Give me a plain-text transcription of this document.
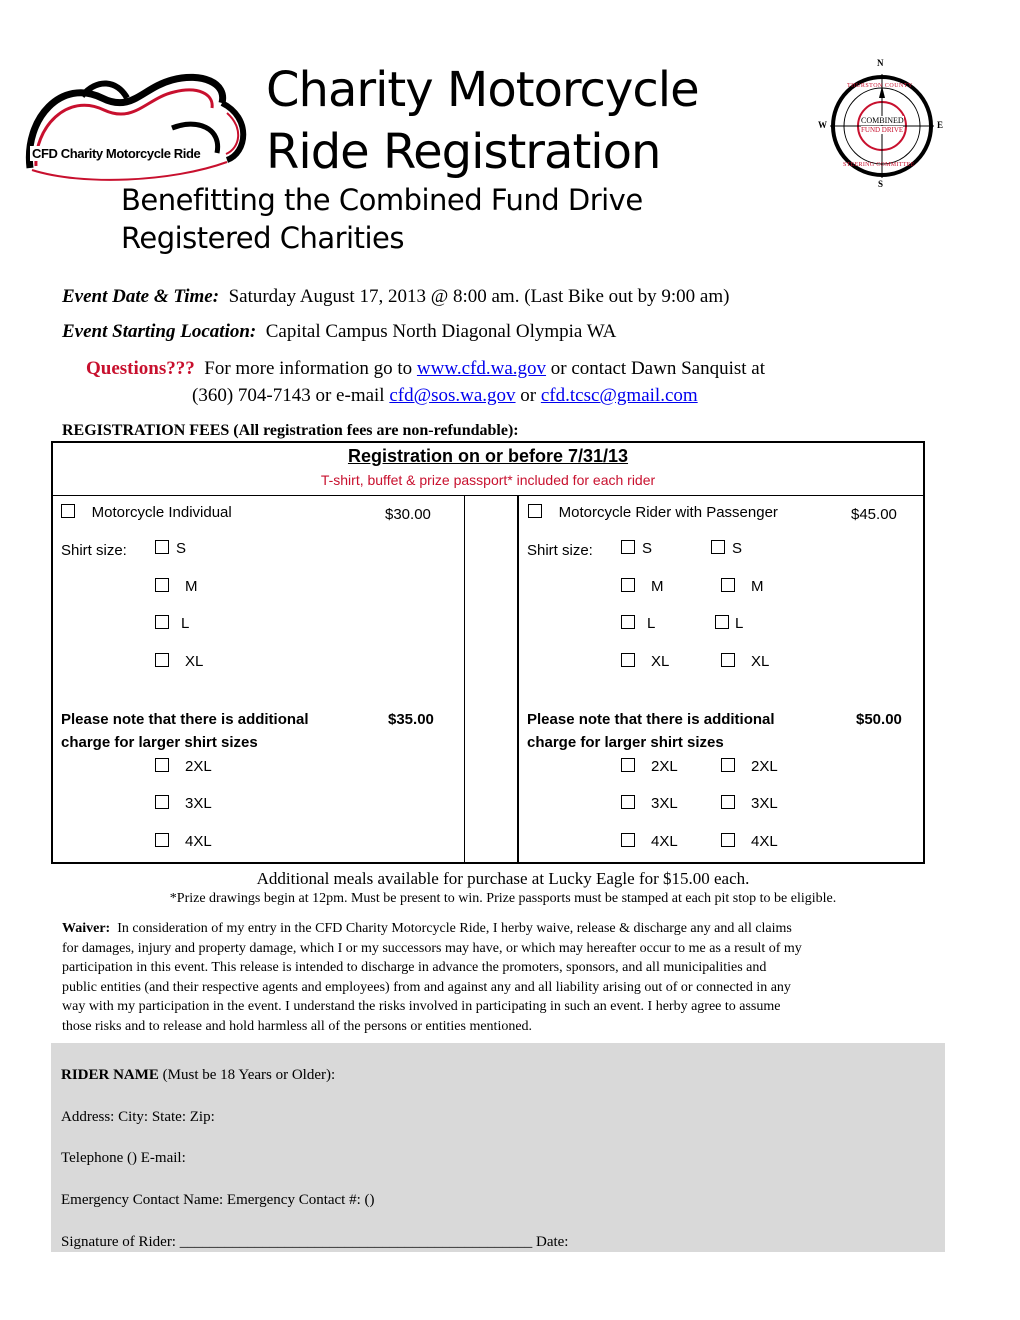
CFD Charity Motorcycle Ride
Charity Motorcycle
Ride Registration
Benefitting the Combined Fund Drive
Registered Charities
N
S
W	E
THURSTON COUNTY
STEERING COMMITTEE
COMBINED
FUND DRIVE
Event Date & Time: Saturday August 17, 2013 @ 8:00 am. (Last Bike out by 9:00 am)
Event Starting Location: Capital Campus North Diagonal Olympia WA
Questions??? For more information go to www.cfd.wa.gov or contact Dawn Sanquist at
(360) 704-7143 or e-mail cfd@sos.wa.gov or cfd.tcsc@gmail.com
REGISTRATION FEES (All registration fees are non-refundable):
Registration on or before 7/31/13
T-shirt, buffet & prize passport* included for each rider
Motorcycle Individual	$30.00
Shirt size:	S
M
L
XL
Please note that there is additional	$35.00
charge for larger shirt sizes
2XL
3XL
4XL
Motorcycle Rider with Passenger	$45.00
Shirt size:	S	S
M	M
L	L
XL	XL
Please note that there is additional	$50.00
charge for larger shirt sizes
2XL	2XL
3XL	3XL
4XL	4XL
Additional meals available for purchase at Lucky Eagle for $15.00 each.
*Prize drawings begin at 12pm. Must be present to win. Prize passports must be stamped at each pit stop to be eligible.
Waiver: In consideration of my entry in the CFD Charity Motorcycle Ride, I herby waive, release & discharge any and all claims
for damages, injury and property damage, which I or my successors may have, or which may hereafter occur to me as a result of my
participation in this event. This release is intended to discharge in advance the promoters, sponsors, and all municipalities and
public entities (and their respective agents and employees) from and against any and all liability arising out of or connected in any
way with my participation in the event. I understand the risks involved in participating in such an event. I herby agree to assume
those risks and to release and hold harmless all of the persons or entities mentioned.
RIDER NAME (Must be 18 Years or Older):
Address: City: State: Zip:
Telephone () E-mail:
Emergency Contact Name: Emergency Contact #: ()
Signature of Rider: _______________________________________________ Date:
